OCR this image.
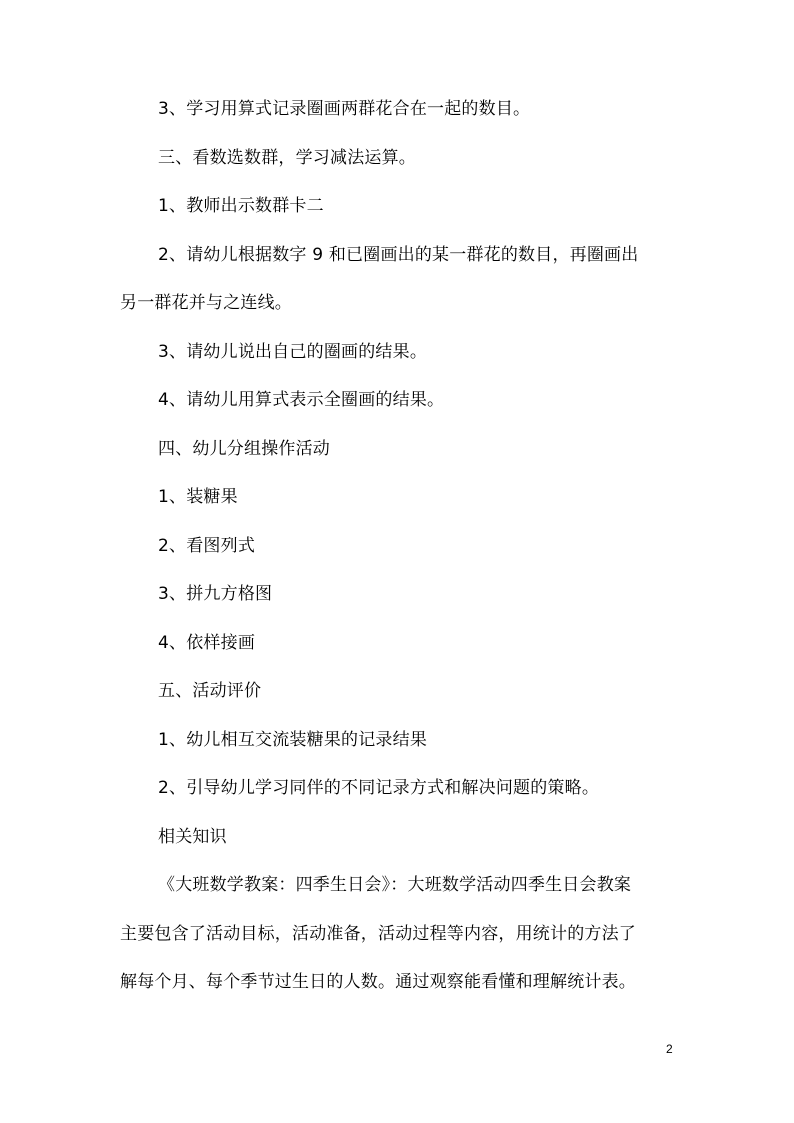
3、学习用算式记录圈画两群花合在一起的数目。
三、看数选数群，学习减法运算。
1、教师出示数群卡二
2、请幼儿根据数字 9 和已圈画出的某一群花的数目，再圈画出
另一群花并与之连线。
3、请幼儿说出自己的圈画的结果。
4、请幼儿用算式表示全圈画的结果。
四、幼儿分组操作活动
1、装糖果
2、看图列式
3、拼九方格图
4、依样接画
五、活动评价
1、幼儿相互交流装糖果的记录结果
2、引导幼儿学习同伴的不同记录方式和解决问题的策略。
相关知识
《大班数学教案：四季生日会》：大班数学活动四季生日会教案
主要包含了活动目标，活动准备，活动过程等内容，用统计的方法了
解每个月、每个季节过生日的人数。通过观察能看懂和理解统计表。
2
